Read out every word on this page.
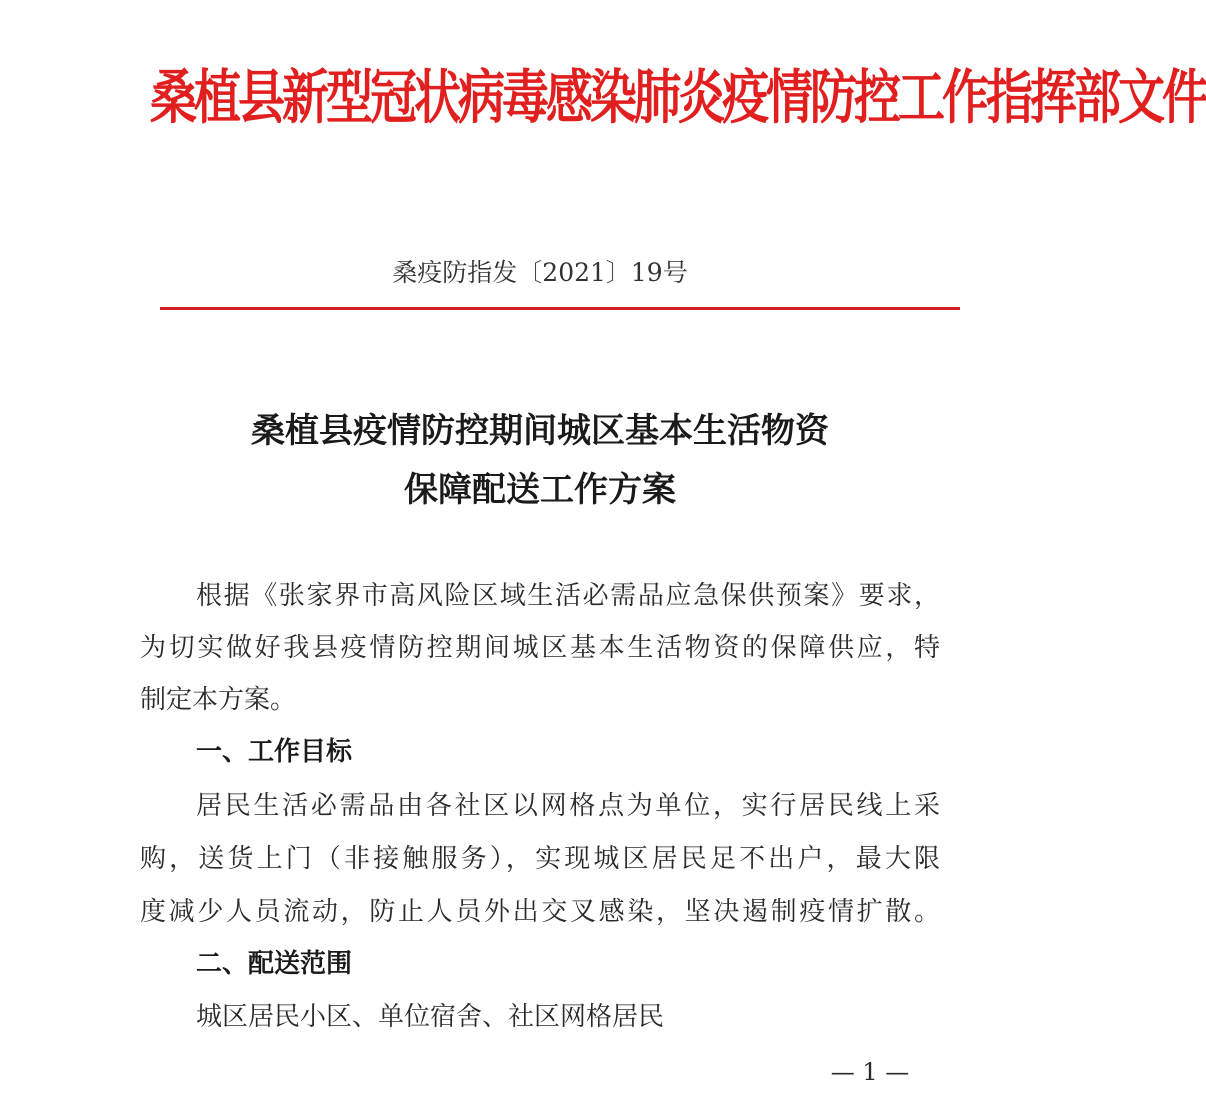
桑植县新型冠状病毒感染肺炎疫情防控工作指挥部文件
桑疫防指发〔2021〕19号
桑植县疫情防控期间城区基本生活物资
保障配送工作方案
根据《张家界市高风险区域生活必需品应急保供预案》要求，
为切实做好我县疫情防控期间城区基本生活物资的保障供应，特
制定本方案。
一、工作目标
居民生活必需品由各社区以网格点为单位，实行居民线上采
购，送货上门（非接触服务），实现城区居民足不出户，最大限
度减少人员流动，防止人员外出交叉感染，坚决遏制疫情扩散。
二、配送范围
城区居民小区、单位宿舍、社区网格居民
— 1 —
